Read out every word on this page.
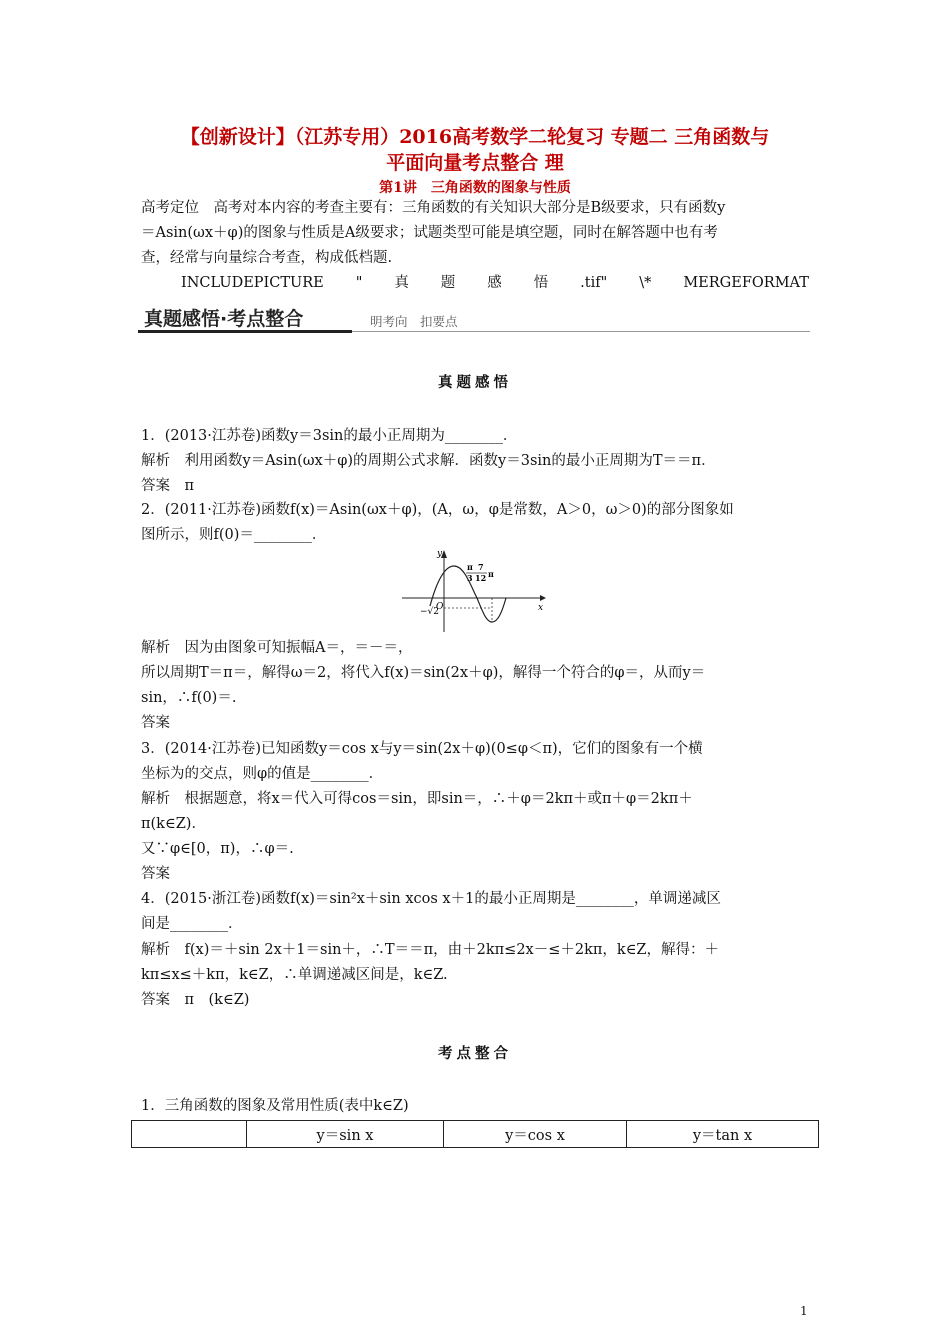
【创新设计】（江苏专用）2016高考数学二轮复习 专题二 三角函数与
平面向量考点整合 理
第1讲　三角函数的图象与性质
高考定位　高考对本内容的考查主要有：三角函数的有关知识大部分是B级要求，只有函数y
＝Asin(ωx＋φ)的图象与性质是A级要求；试题类型可能是填空题，同时在解答题中也有考
查，经常与向量综合考查，构成低档题.
INCLUDEPICTURE " 真 题 感 悟 .tif" \* MERGEFORMAT
真题感悟·考点整合	明考向　扣要点
真题感悟
1．(2013·江苏卷)函数y＝3sin的最小正周期为________．
解析　利用函数y＝Asin(ωx＋φ)的周期公式求解．函数y＝3sin的最小正周期为T＝＝π．
答案　π
2．(2011·江苏卷)函数f(x)＝Asin(ωx＋φ)，(A，ω，φ是常数，A＞0，ω＞0)的部分图象如
图所示，则f(0)＝________．
y
x
O
−√2
π
3
7
12 π
解析　因为由图象可知振幅A＝，＝－＝，
所以周期T＝π＝，解得ω＝2，将代入f(x)＝sin(2x＋φ)，解得一个符合的φ＝，从而y＝
sin，∴f(0)＝.
答案
3．(2014·江苏卷)已知函数y＝cos x与y＝sin(2x＋φ)(0≤φ＜π)，它们的图象有一个横
坐标为的交点，则φ的值是________．
解析　根据题意，将x＝代入可得cos＝sin，即sin＝，∴＋φ＝2kπ＋或π＋φ＝2kπ＋
π(k∈Z)．
又∵φ∈[0，π)，∴φ＝.
答案
4．(2015·浙江卷)函数f(x)＝sin²x＋sin xcos x＋1的最小正周期是________，单调递减区
间是________．
解析　f(x)＝＋sin 2x＋1＝sin＋，∴T＝＝π，由＋2kπ≤2x－≤＋2kπ，k∈Z，解得：＋
kπ≤x≤＋kπ，k∈Z，∴单调递减区间是，k∈Z.
答案　π　(k∈Z)
考点整合
1．三角函数的图象及常用性质(表中k∈Z)
	y＝sin x	y＝cos x	y＝tan x
1
